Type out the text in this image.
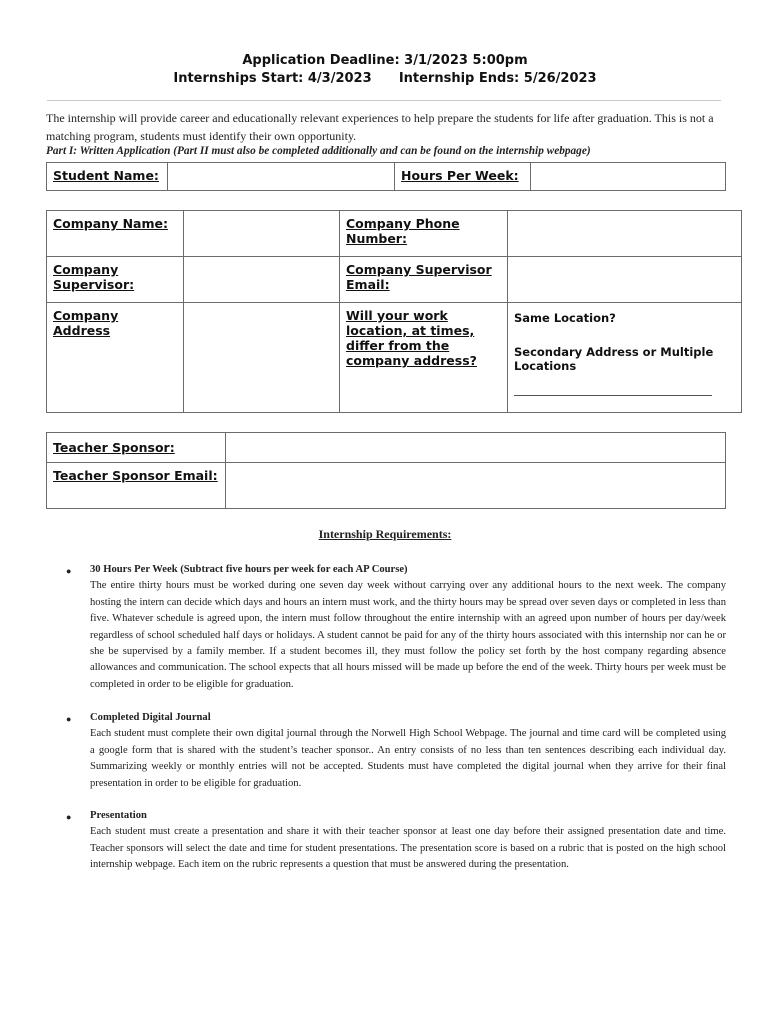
Application Deadline: 3/1/2023 5:00pm
Internships Start: 4/3/2023 Internship Ends: 5/26/2023
The internship will provide career and educationally relevant experiences to help prepare the students for life after graduation. This is not a matching program, students must identify their own opportunity.
Part I: Written Application (Part II must also be completed additionally and can be found on the internship webpage)
Student Name:		Hours Per Week:

Company Name:		Company Phone Number:	

Company Supervisor:		Company Supervisor Email:	

Company Address		Will your work location, at times, differ from the company address?	Same Location?
Secondary Address or Multiple Locations
Teacher Sponsor:	

Teacher Sponsor Email:	

Internship Requirements:
● 30 Hours Per Week (Subtract five hours per week for each AP Course)
The entire thirty hours must be worked during one seven day week without carrying over any additional hours to the next week. The company hosting the intern can decide which days and hours an intern must work, and the thirty hours may be spread over seven days or completed in less than five. Whatever schedule is agreed upon, the intern must follow throughout the entire internship with an agreed upon number of hours per day/week regardless of school scheduled half days or holidays. A student cannot be paid for any of the thirty hours associated with this internship nor can he or she be supervised by a family member. If a student becomes ill, they must follow the policy set forth by the host company regarding absence allowances and communication. The school expects that all hours missed will be made up before the end of the week. Thirty hours per week must be completed in order to be eligible for graduation.
● Completed Digital Journal
Each student must complete their own digital journal through the Norwell High School Webpage. The journal and time card will be completed using a google form that is shared with the student’s teacher sponsor.. An entry consists of no less than ten sentences describing each individual day. Summarizing weekly or monthly entries will not be accepted. Students must have completed the digital journal when they arrive for their final presentation in order to be eligible for graduation.
● Presentation
Each student must create a presentation and share it with their teacher sponsor at least one day before their assigned presentation date and time. Teacher sponsors will select the date and time for student presentations. The presentation score is based on a rubric that is posted on the high school internship webpage. Each item on the rubric represents a question that must be answered during the presentation.
